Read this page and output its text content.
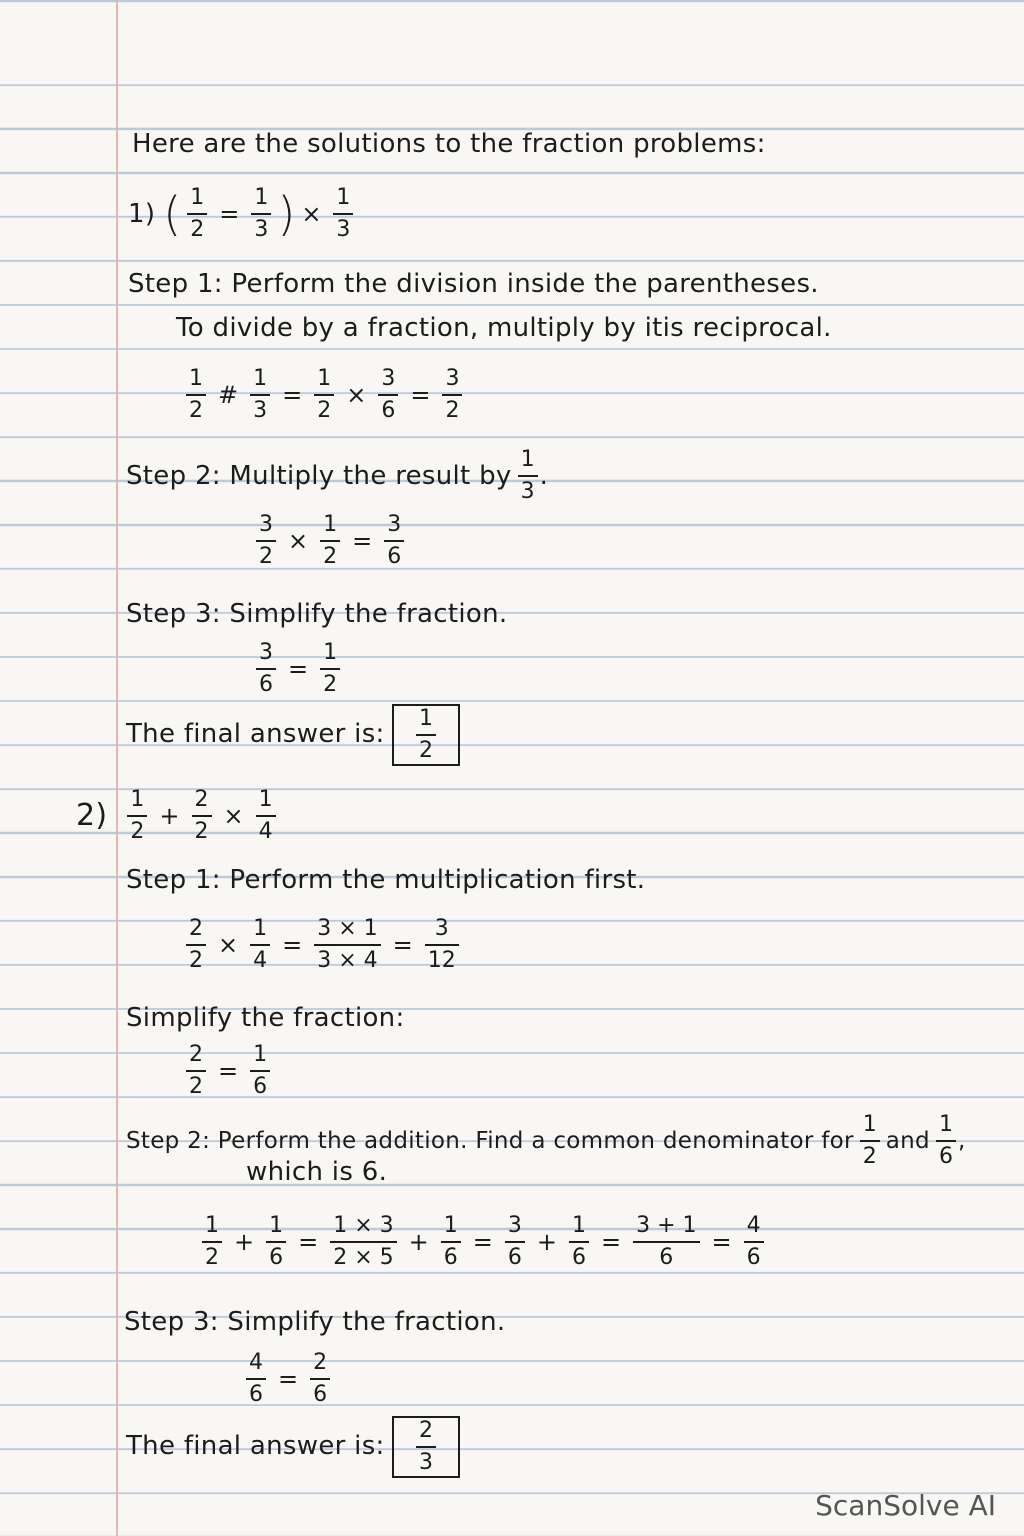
Here are the solutions to the fraction problems:
1) ( $\frac{1}{2} = \frac{1}{3}$ ) × $\frac{1}{3}$
Step 1: Perform the division inside the parentheses.
To divide by a fraction, multiply by itis reciprocal.
$\frac{1}{2}$ # $\frac{1}{3} = \frac{1}{2} \times \frac{3}{6} = \frac{3}{2}$
Step 2: Multiply the result by $\frac{1}{3}$ .
$\frac{3}{2} \times \frac{1}{2} = \frac{3}{6}$
Step 3: Simplify the fraction.
$\frac{3}{6} = \frac{1}{2}$
The final answer is: $\frac{1}{2}$
$2) \frac{1}{2} + \frac{2}{2} \times \frac{1}{4}$
Step 1: Perform the multiplication first.
$\frac{2}{2} \times \frac{1}{4} = \frac{3 \times 1}{3 \times 4} = \frac{3}{12}$
Simplify the fraction:
$\frac{2}{2} = \frac{1}{6}$
Step 2: Perform the addition. Find a common denominator for $\frac{1}{2}$ and $\frac{1}{6}$ ,
which is 6.
$\frac{1}{2} + \frac{1}{6} = \frac{1 \times 3}{2 \times 5} + \frac{1}{6} = \frac{3}{6} + \frac{1}{6} = \frac{3 + 1}{6} = \frac{4}{6}$
Step 3: Simplify the fraction.
$\frac{4}{6} = \frac{2}{6}$
The final answer is: $\frac{2}{3}$
ScanSolve AI
